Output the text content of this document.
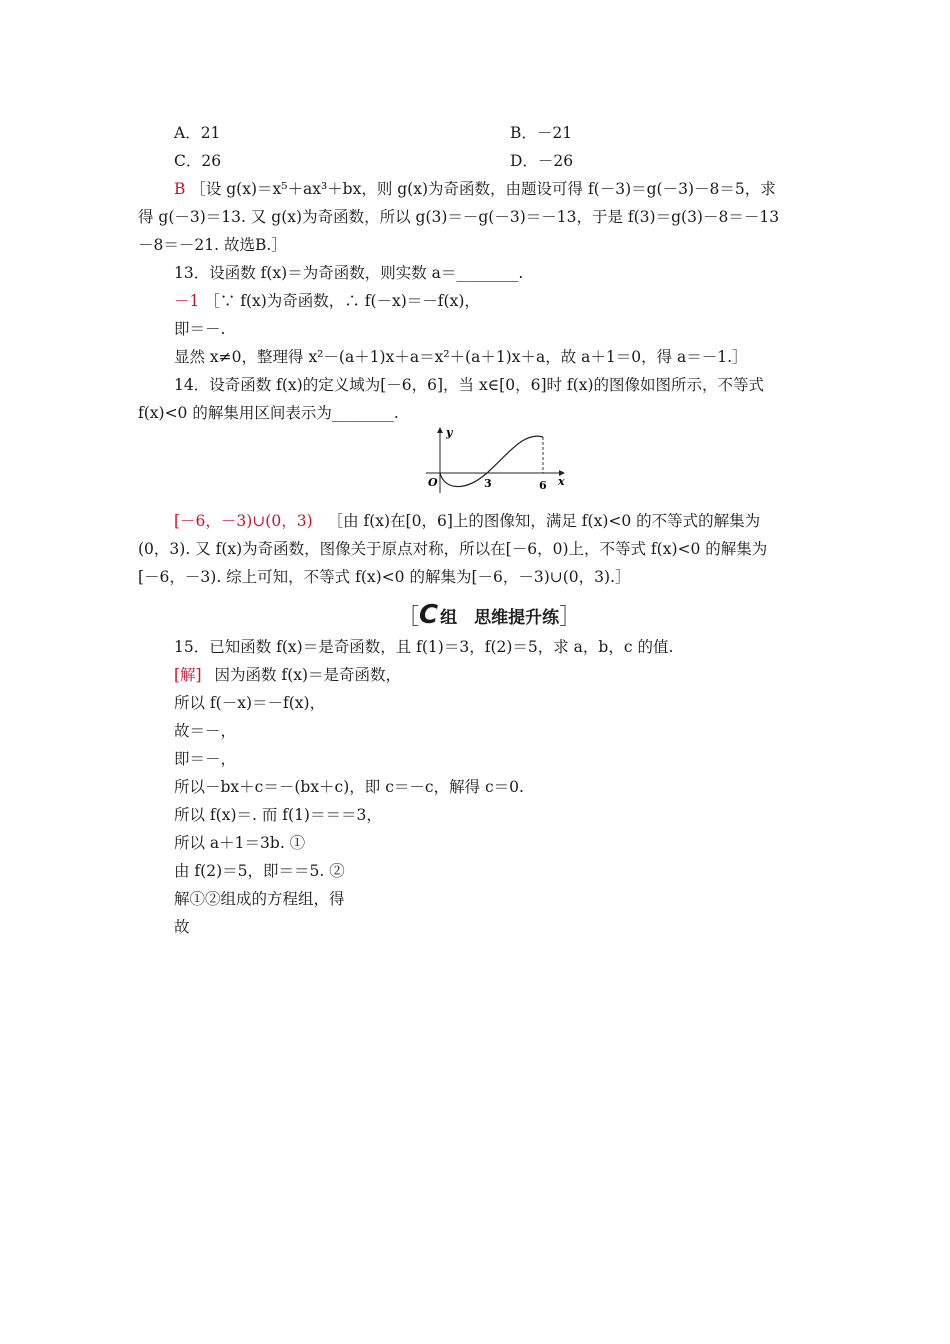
A．21	B．－21
C．26	D．－26
B ［设 g(x)＝x⁵＋ax³＋bx，则 g(x)为奇函数，由题设可得 f(－3)＝g(－3)－8＝5，求
得 g(－3)＝13. 又 g(x)为奇函数，所以 g(3)＝－g(－3)＝－13，于是 f(3)＝g(3)－8＝－13
－8＝－21. 故选B.］
13．设函数 f(x)＝为奇函数，则实数 a＝________.
－1 ［∵ f(x)为奇函数，∴ f(－x)＝－f(x)，
即＝－.
显然 x≠0，整理得 x²－(a＋1)x＋a＝x²＋(a＋1)x＋a，故 a＋1＝0，得 a＝－1.］
14．设奇函数 f(x)的定义域为[－6，6]，当 x∈[0，6]时 f(x)的图像如图所示，不等式
f(x)<0 的解集用区间表示为________.
y
x
O	3	6
[－6，－3)∪(0，3) ［由 f(x)在[0，6]上的图像知，满足 f(x)<0 的不等式的解集为
(0，3). 又 f(x)为奇函数，图像关于原点对称，所以在[－6，0)上，不等式 f(x)<0 的解集为
[－6，－3). 综上可知，不等式 f(x)<0 的解集为[－6，－3)∪(0，3).］
［ C 组　思维提升练 ］
15．已知函数 f(x)＝是奇函数，且 f(1)＝3，f(2)＝5，求 a，b，c 的值.
[解] 因为函数 f(x)＝是奇函数，
所以 f(－x)＝－f(x)，
故＝－，
即＝－，
所以－bx＋c＝－(bx＋c)，即 c＝－c，解得 c＝0.
所以 f(x)＝. 而 f(1)＝＝＝3，
所以 a＋1＝3b. ①
由 f(2)＝5，即＝＝5. ②
解①②组成的方程组，得
故
